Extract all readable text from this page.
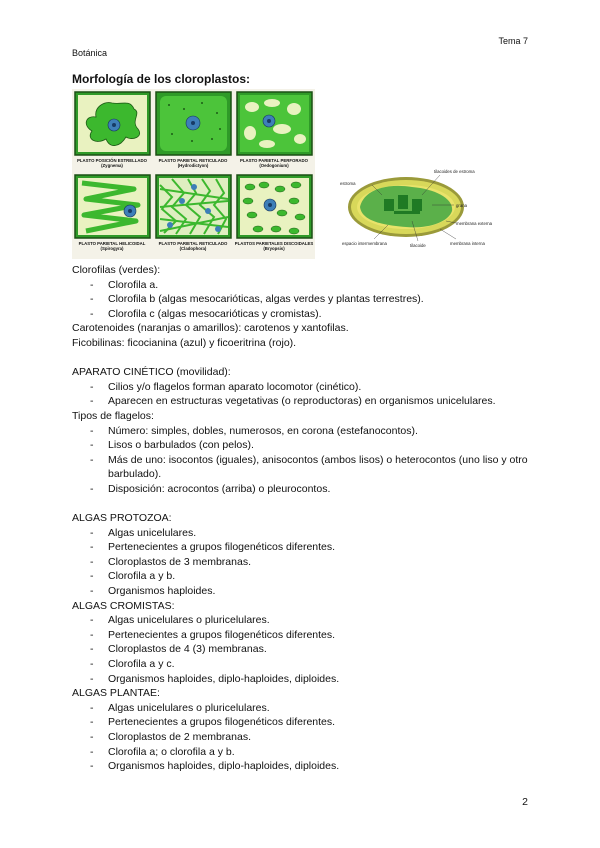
Tema 7
Botánica
Morfología de los cloroplastos:
PLASTO POSICIÓN ESTRELLADO
(Zygnema)
PLASTO PARIETAL RETICULADO
(Hydrodictyon)
PLASTO PARIETAL PERFORADO
(Oedogonium)
PLASTO PARIETAL HELICOIDAL
(Spirogyra)
PLASTO PARIETAL RETICULADO
(Cladophora)
PLASTOS PARIETALES DISCOIDALES
(Bryopsis)
estroma
tilacoides de estroma
grana
membrana externa
membrana interna
espacio intermembrana	tilacoide

Clorofilas (verdes):

- Clorofila a.
- Clorofila b (algas mesocarióticas, algas verdes y plantas terrestres).
- Clorofila c (algas mesocarióticas y cromistas).

Carotenoides (naranjas o amarillos): carotenos y xantofilas.

Ficobilinas: ficocianina (azul) y ficoeritrina (rojo).

APARATO CINÉTICO (movilidad):

- Cilios y/o flagelos forman aparato locomotor (cinético).
- Aparecen en estructuras vegetativas (o reproductoras) en organismos unicelulares.

Tipos de flagelos:

- Número: simples, dobles, numerosos, en corona (estefanocontos).
- Lisos o barbulados (con pelos).
- Más de uno: isocontos (iguales), anisocontos (ambos lisos) o heterocontos (uno liso y otro barbulado).
- Disposición: acrocontos (arriba) o pleurocontos.

ALGAS PROTOZOA:

- Algas unicelulares.
- Pertenecientes a grupos filogenéticos diferentes.
- Cloroplastos de 3 membranas.
- Clorofila a y b.
- Organismos haploides.

ALGAS CROMISTAS:

- Algas unicelulares o pluricelulares.
- Pertenecientes a grupos filogenéticos diferentes.
- Cloroplastos de 4 (3) membranas.
- Clorofila a y c.
- Organismos haploides, diplo-haploides, diploides.

ALGAS PLANTAE:

- Algas unicelulares o pluricelulares.
- Pertenecientes a grupos filogenéticos diferentes.
- Cloroplastos de 2 membranas.
- Clorofila a; o clorofila a y b.
- Organismos haploides, diplo-haploides, diploides.
2
